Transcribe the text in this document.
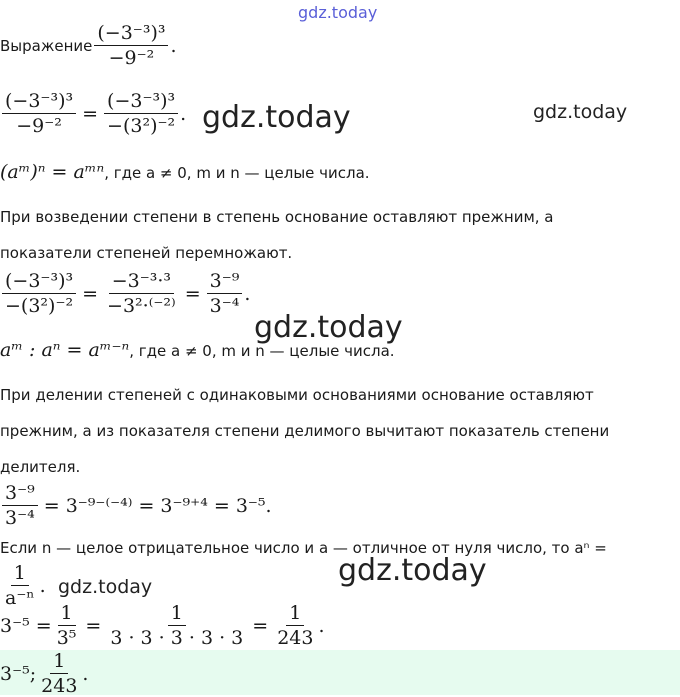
gdz.today
Выражение $\frac{\text{(−3⁻³)³}}{\text{−9⁻²}}$ .
$\frac{\text{(−3⁻³)³}}{\text{−9⁻²}} = \frac{\text{(−3⁻³)³}}{\text{−(3²)⁻²}}$ . gdz.today	gdz.today
(aᵐ)ⁿ = aᵐⁿ , где a ≠ 0, m и n — целые числа.
При возведении степени в степень основание оставляют прежним, а
показатели степеней перемножают.
$\frac{\text{(−3⁻³)³}}{\text{−(3²)⁻²}} = \frac{\text{−3⁻³·³}}{\text{−3²·⁽⁻²⁾}} = \frac{\text{3⁻⁹}}{\text{3⁻⁴}}$ .
gdz.today
aᵐ : aⁿ = aᵐ⁻ⁿ , где a ≠ 0, m и n — целые числа.
При делении степеней с одинаковыми основаниями основание оставляют
прежним, а из показателя степени делимого вычитают показатель степени
делителя.
$\frac{\text{3⁻⁹}}{\text{3⁻⁴}} = 3^{-9-(-4)} = 3^{-9+4} = 3^{-5}$.
Если n — целое отрицательное число и a — отличное от нуля число, то aⁿ =
$\frac{1}{\text{a⁻ⁿ}}$ . gdz.today	gdz.today
$3^{-5} = \frac{1}{\text{3⁵}} = \frac{1}{3 \cdot 3 \cdot 3 \cdot 3 \cdot 3} = \frac{1}{243}$ .
3⁻⁵; $\frac{1}{243}$ .
